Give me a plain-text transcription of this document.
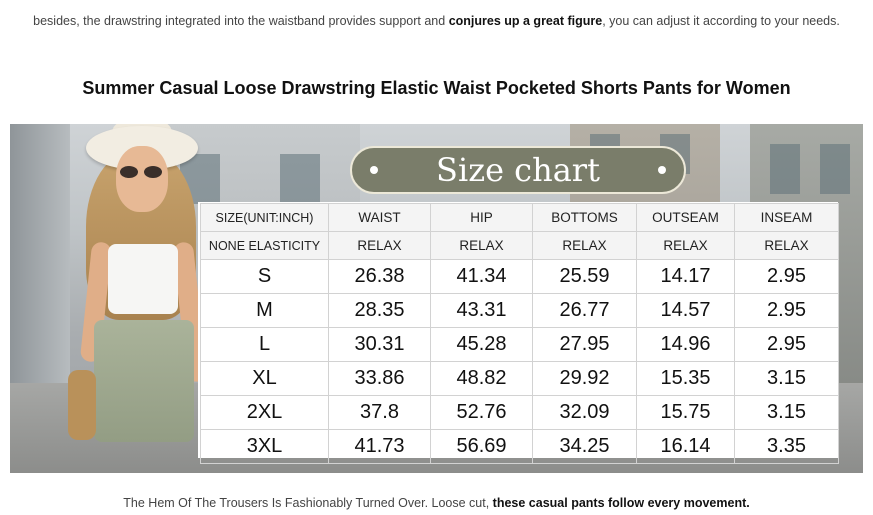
besides, the drawstring integrated into the waistband provides support and conjures up a great figure, you can adjust it according to your needs.
Summer Casual Loose Drawstring Elastic Waist Pocketed Shorts Pants for Women
Size chart
SIZE(UNIT:INCH)	WAIST	HIP	BOTTOMS	OUTSEAM	INSEAM
NONE ELASTICITY	RELAX	RELAX	RELAX	RELAX	RELAX
S	26.38	41.34	25.59	14.17	2.95
M	28.35	43.31	26.77	14.57	2.95
L	30.31	45.28	27.95	14.96	2.95
XL	33.86	48.82	29.92	15.35	3.15
2XL	37.8	52.76	32.09	15.75	3.15
3XL	41.73	56.69	34.25	16.14	3.35
The Hem Of The Trousers Is Fashionably Turned Over. Loose cut, these casual pants follow every movement.
